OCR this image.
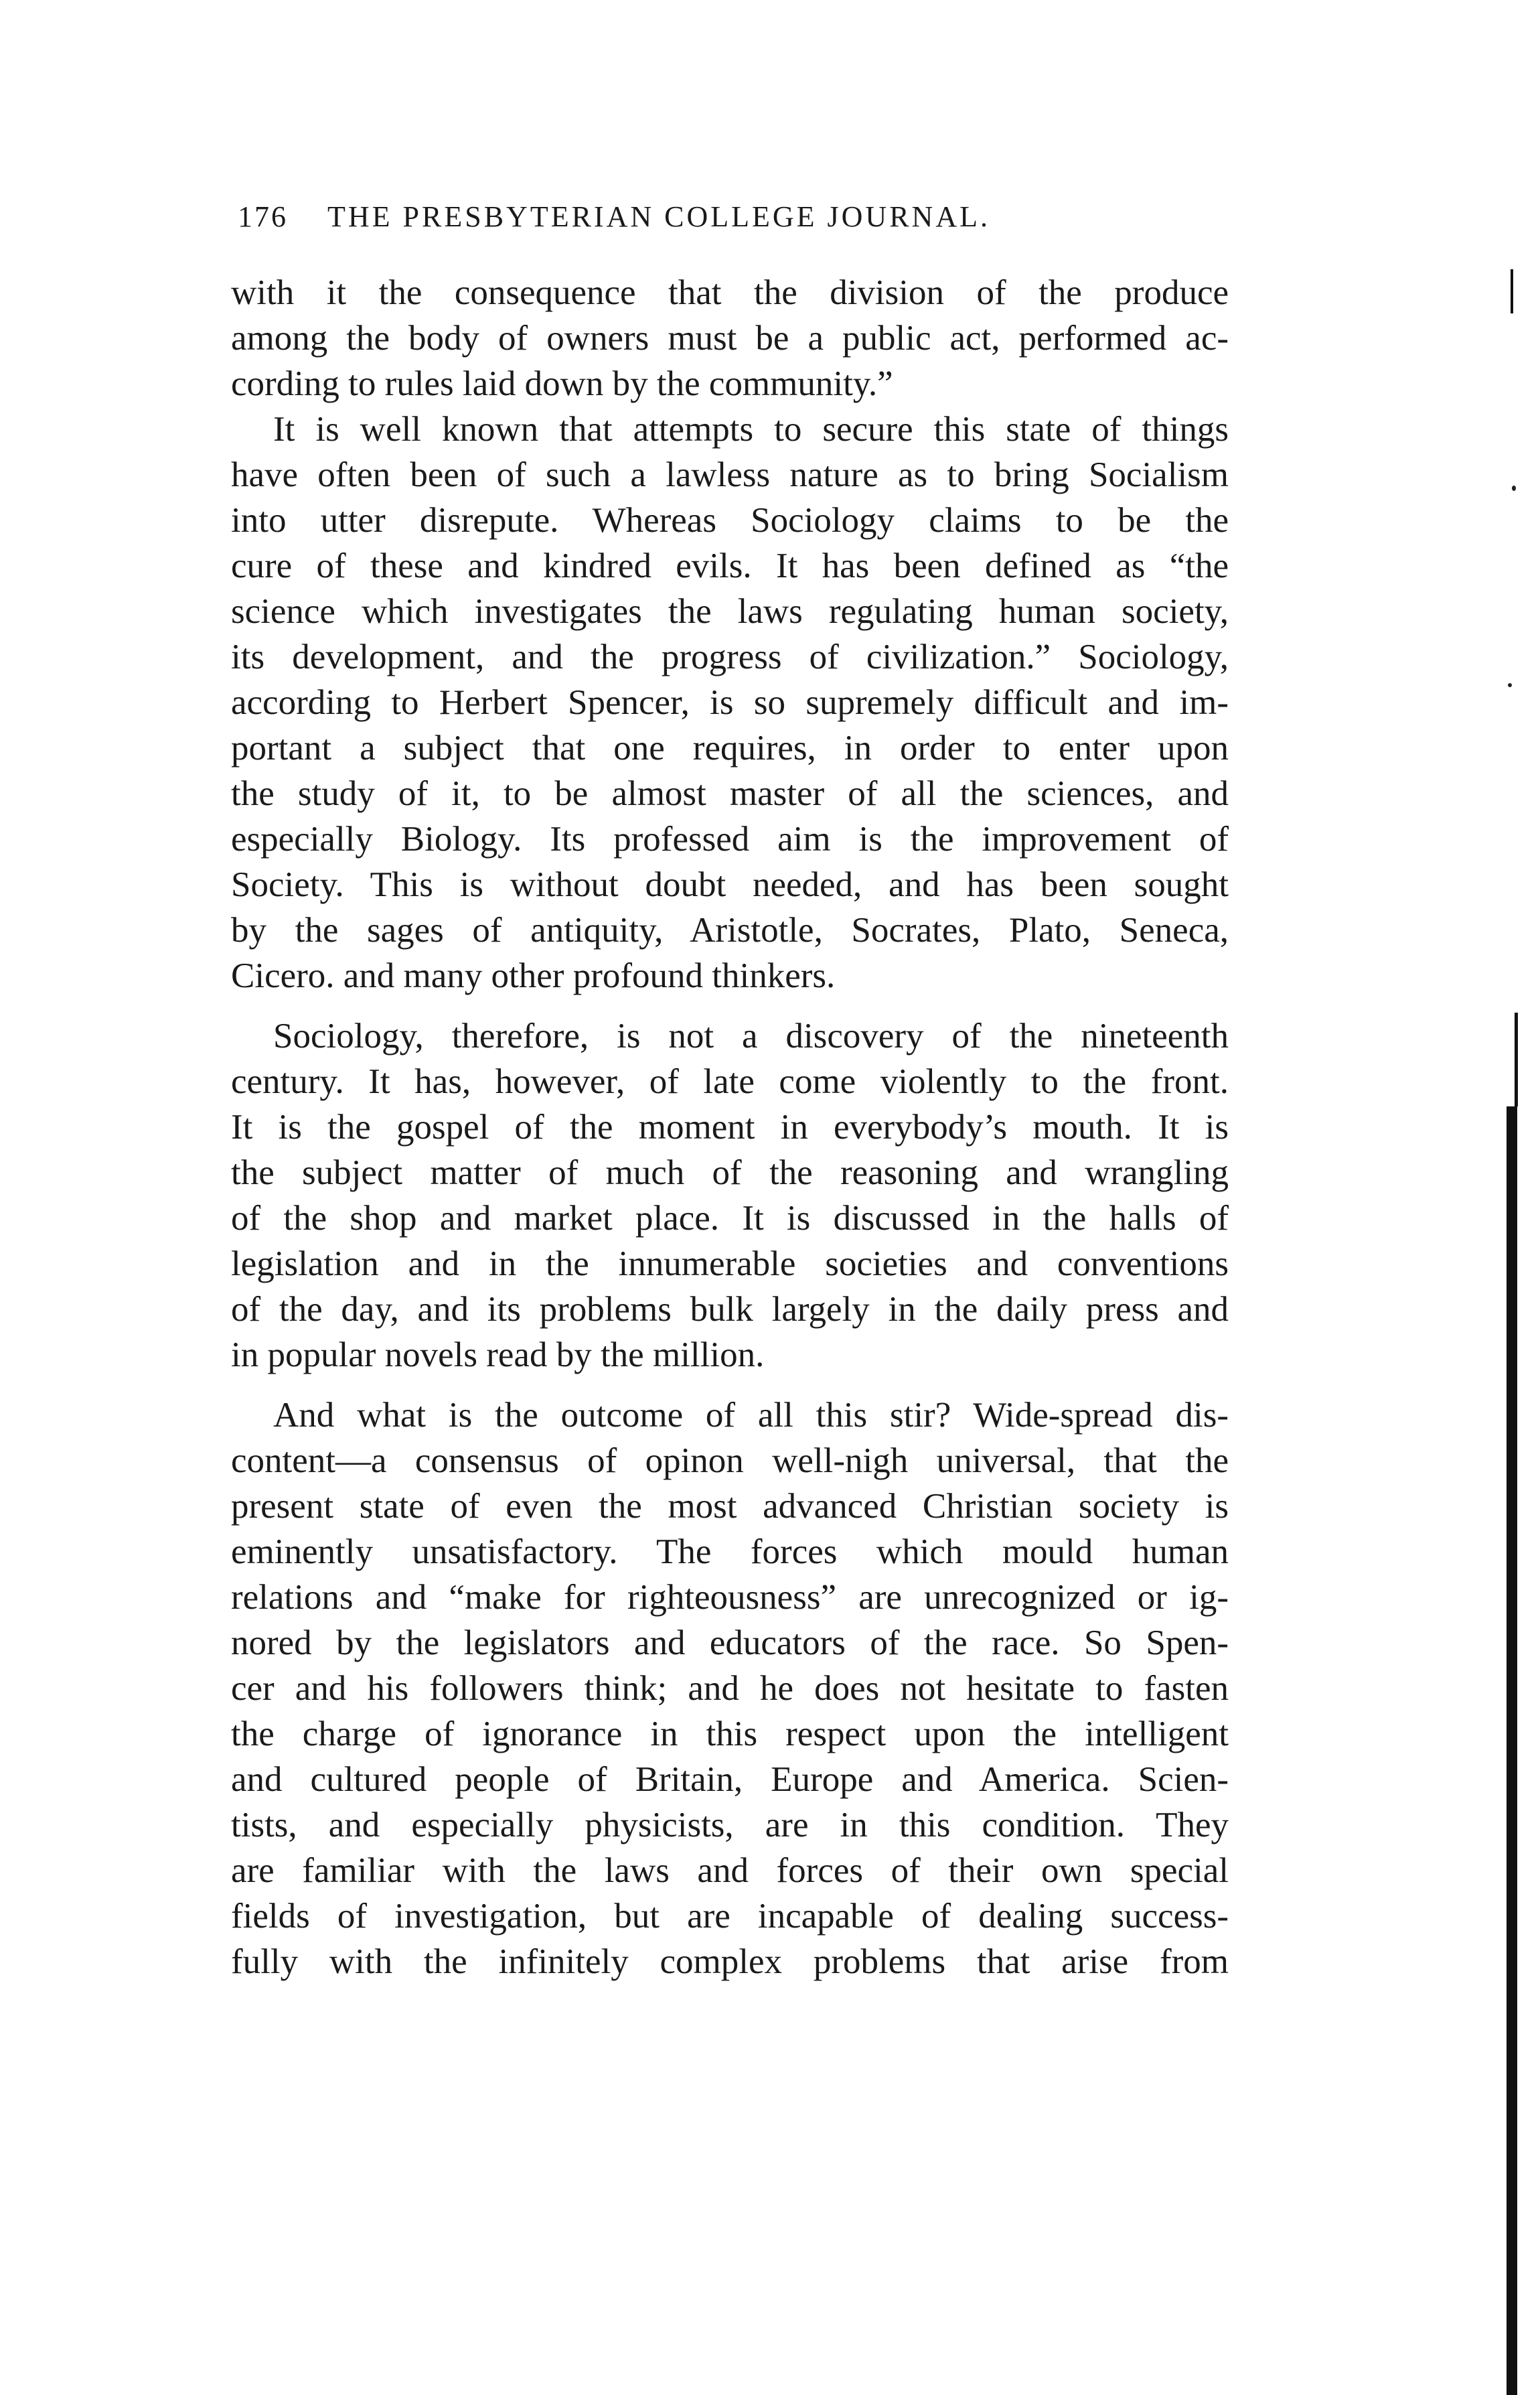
176 THE PRESBYTERIAN COLLEGE JOURNAL.
with it the consequence that the division of the produce
among the body of owners must be a public act, performed ac-
cording to rules laid down by the community.”
It is well known that attempts to secure this state of things
have often been of such a lawless nature as to bring Socialism
into utter disrepute. Whereas Sociology claims to be the
cure of these and kindred evils. It has been defined as “the
science which investigates the laws regulating human society,
its development, and the progress of civilization.” Sociology,
according to Herbert Spencer, is so supremely difficult and im-
portant a subject that one requires, in order to enter upon
the study of it, to be almost master of all the sciences, and
especially Biology. Its professed aim is the improvement of
Society. This is without doubt needed, and has been sought
by the sages of antiquity, Aristotle, Socrates, Plato, Seneca,
Cicero. and many other profound thinkers.
Sociology, therefore, is not a discovery of the nineteenth
century. It has, however, of late come violently to the front.
It is the gospel of the moment in everybody’s mouth. It is
the subject matter of much of the reasoning and wrangling
of the shop and market place. It is discussed in the halls of
legislation and in the innumerable societies and conventions
of the day, and its problems bulk largely in the daily press and
in popular novels read by the million.
And what is the outcome of all this stir? Wide-spread dis-
content—a consensus of opinon well-nigh universal, that the
present state of even the most advanced Christian society is
eminently unsatisfactory. The forces which mould human
relations and “make for righteousness” are unrecognized or ig-
nored by the legislators and educators of the race. So Spen-
cer and his followers think; and he does not hesitate to fasten
the charge of ignorance in this respect upon the intelligent
and cultured people of Britain, Europe and America. Scien-
tists, and especially physicists, are in this condition. They
are familiar with the laws and forces of their own special
fields of investigation, but are incapable of dealing success-
fully with the infinitely complex problems that arise from
